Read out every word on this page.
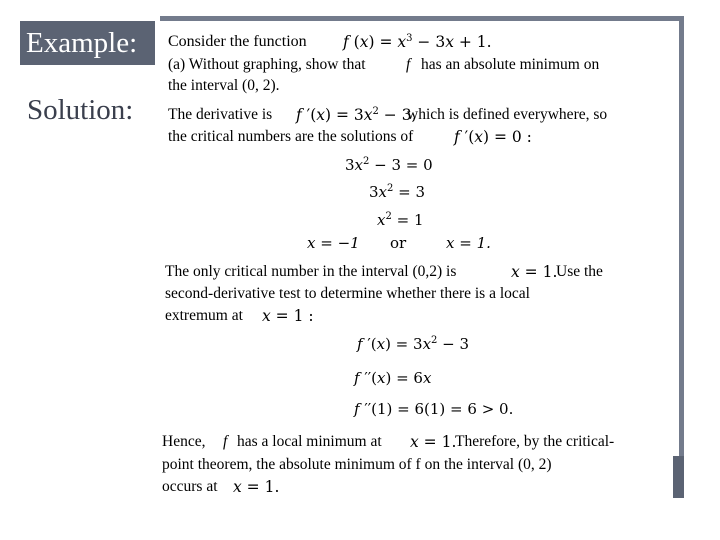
Example:
Solution:
Consider the function f $(x) = x^3 - 3x + 1$.
(a) Without graphing, show that	f has an absolute minimum on
the interval (0, 2).
The derivative is f $'(x) = 3x^2 - 3$,
which is defined everywhere, so
the critical numbers are the solutions of	f ′(x) = 0 :
$3x^2 - 3 = 0$
$3x^2 = 3$
$x^2 = 1$
x = −1 or	x = 1.
The only critical number in the interval (0,2) is	x = 1.
Use the
second-derivative test to determine whether there is a local
extremum at x = 1 :
f $'(x) = 3x^2 - 3$
f ′′(x) = 6x
f ′′(1) = 6(1) = 6 > 0.
Hence, f has a local minimum at x = 1.
Therefore, by the critical-
point theorem, the absolute minimum of f on the interval (0, 2)
occurs at x = 1.
